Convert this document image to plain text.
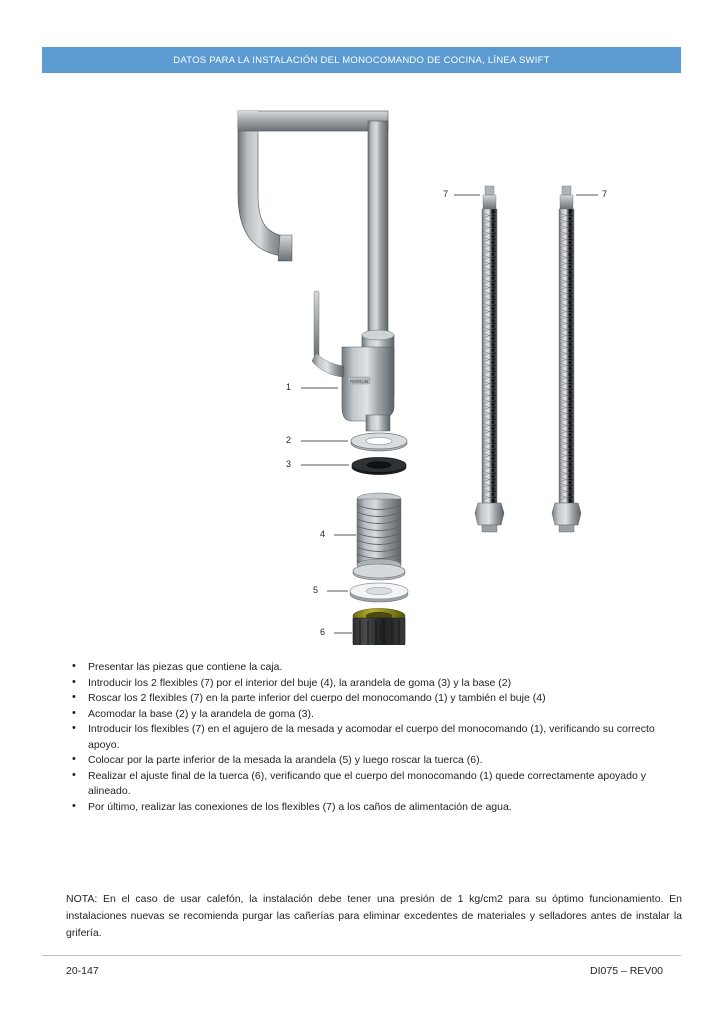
DATOS PARA LA INSTALACIÓN DEL MONOCOMANDO DE COCINA, LÍNEA SWIFT
FERRUM
1
2
3
4
5
6
7	7
• Presentar las piezas que contiene la caja.
• Introducir los 2 flexibles (7) por el interior del buje (4), la arandela de goma (3) y la base (2)
• Roscar los 2 flexibles (7) en la parte inferior del cuerpo del monocomando (1) y también el buje (4)
• Acomodar la base (2) y la arandela de goma (3).
• Introducir los flexibles (7) en el agujero de la mesada y acomodar el cuerpo del monocomando (1), verificando su correcto apoyo.
• Colocar por la parte inferior de la mesada la arandela (5) y luego roscar la tuerca (6).
• Realizar el ajuste final de la tuerca (6), verificando que el cuerpo del monocomando (1) quede correctamente apoyado y alineado.
• Por último, realizar las conexiones de los flexibles (7) a los caños de alimentación de agua.

NOTA: En el caso de usar calefón, la instalación debe tener una presión de 1 kg/cm2 para su óptimo funcionamiento. En instalaciones nuevas se recomienda purgar las cañerías para eliminar excedentes de materiales y selladores antes de instalar la grifería.

20-147	DI075 – REV00
